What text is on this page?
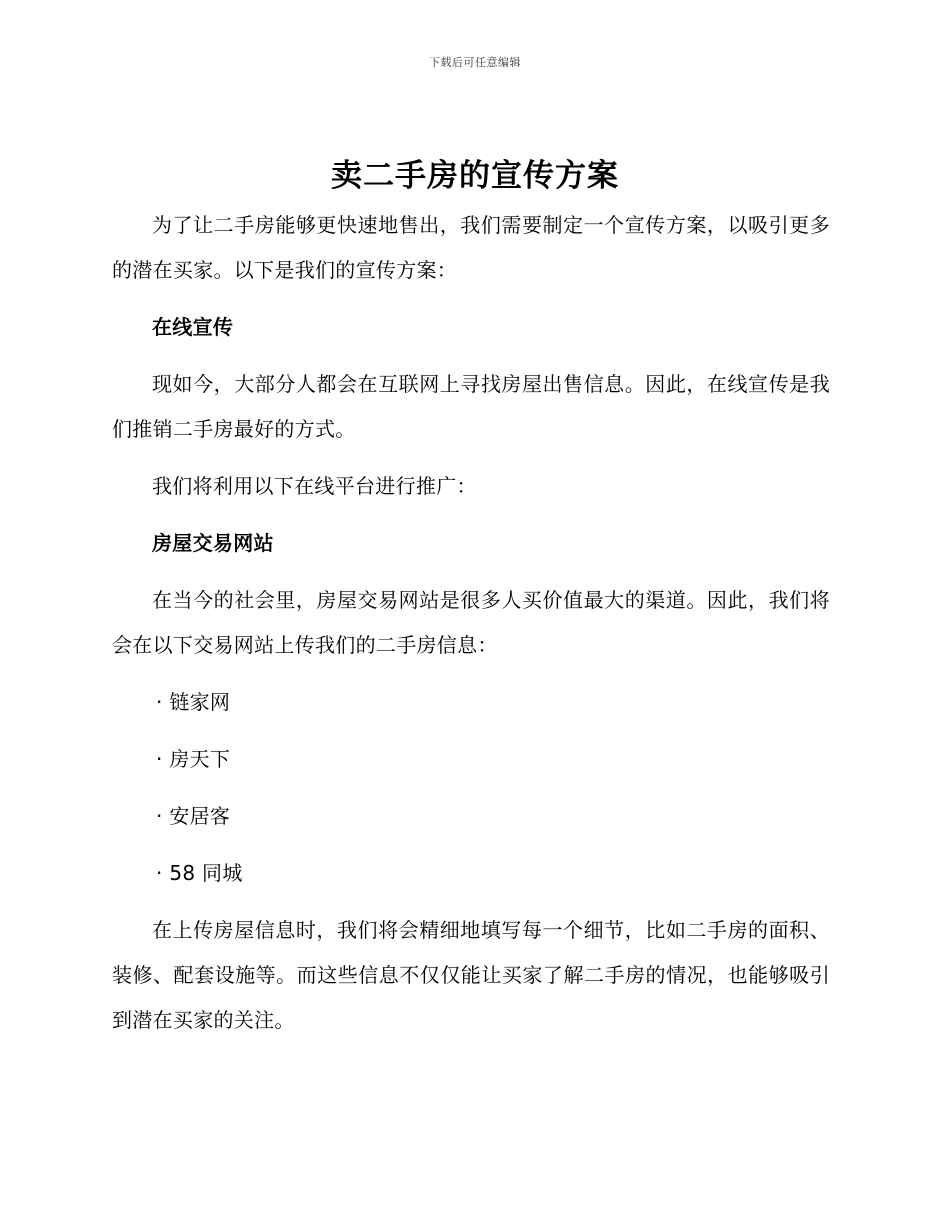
下载后可任意编辑
卖二手房的宣传方案

为了让二手房能够更快速地售出，我们需要制定一个宣传方案，以吸引更多的潜在买家。以下是我们的宣传方案：

在线宣传

现如今，大部分人都会在互联网上寻找房屋出售信息。因此，在线宣传是我们推销二手房最好的方式。

我们将利用以下在线平台进行推广：

房屋交易网站

在当今的社会里，房屋交易网站是很多人买价值最大的渠道。因此，我们将会在以下交易网站上传我们的二手房信息：

· 链家网
· 房天下
· 安居客
· 58 同城

在上传房屋信息时，我们将会精细地填写每一个细节，比如二手房的面积、装修、配套设施等。而这些信息不仅仅能让买家了解二手房的情况，也能够吸引到潜在买家的关注。
